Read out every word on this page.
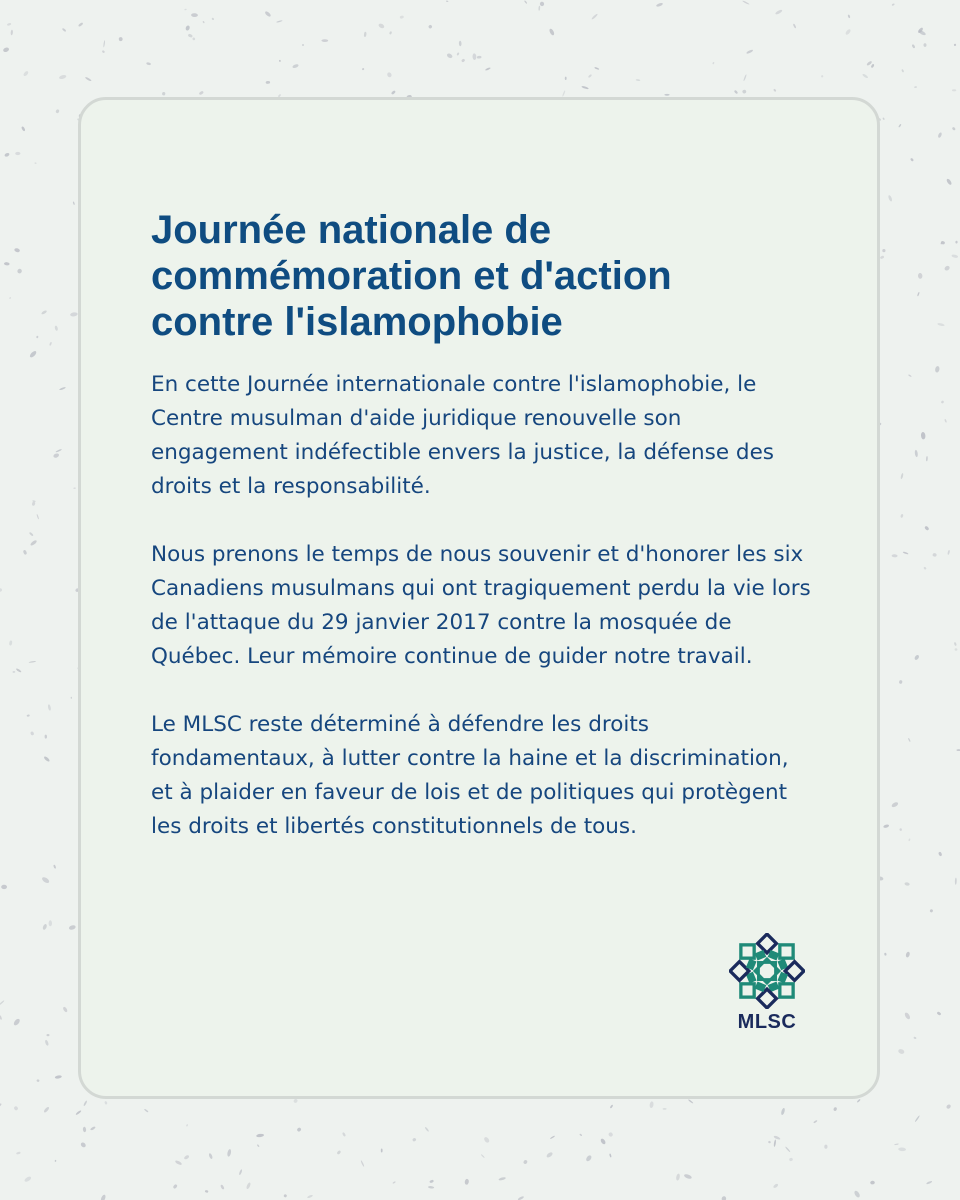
Journée nationale de commémoration et d'action contre l'islamophobie

En cette Journée internationale contre l'islamophobie, le Centre musulman d'aide juridique renouvelle son engagement indéfectible envers la justice, la défense des droits et la responsabilité.

Nous prenons le temps de nous souvenir et d'honorer les six Canadiens musulmans qui ont tragiquement perdu la vie lors de l'attaque du 29 janvier 2017 contre la mosquée de Québec. Leur mémoire continue de guider notre travail.

Le MLSC reste déterminé à défendre les droits fondamentaux, à lutter contre la haine et la discrimination, et à plaider en faveur de lois et de politiques qui protègent les droits et libertés constitutionnels de tous.

MLSC
